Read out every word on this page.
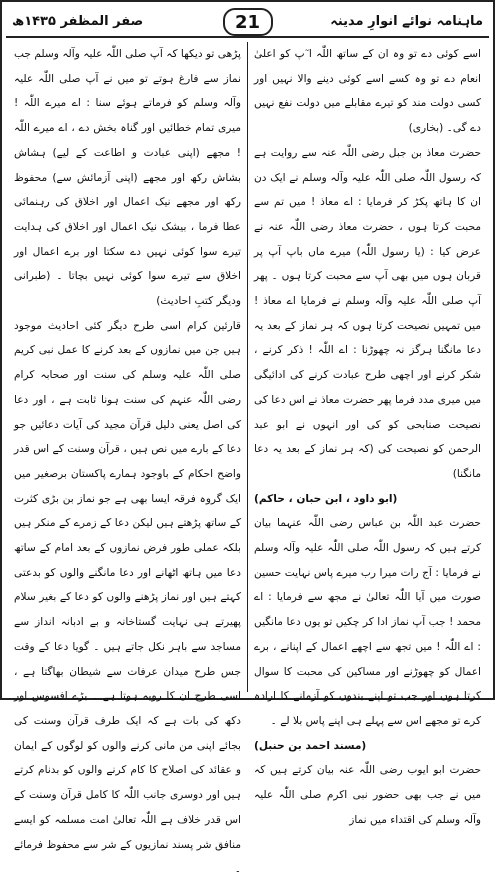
ماہنامہ نوائے انوارِ مدینہ
صفر المظفر ۱۴۳۵ھ	21

اسے کوئی دے تو وہ ان کے ساتھ اللّٰہ ا ٓپ کو اعلیٰ انعام دے تو وہ کسے اسے کوئی دینے والا نہیں اور کسی دولت مند کو تیرے مقابلے میں دولت نفع نہیں دے گی۔ (بخاری)

حضرت معاذ بن جبل رضی اللّٰہ عنہ سے روایت ہے کہ رسول اللّٰہ صلی اللّٰہ علیہ وآلہ وسلم نے ایک دن ان کا ہاتھ پکڑ کر فرمایا : اے معاذ ! میں تم سے محبت کرتا ہوں ، حضرت معاذ رضی اللّٰہ عنہ نے عرض کیا : (یا رسول اللّٰہ) میرے ماں باپ آپ پر قربان ہوں میں بھی آپ سے محبت کرتا ہوں ۔ پھر آپ صلی اللّٰہ علیہ وآلہ وسلم نے فرمایا اے معاذ ! میں تمہیں نصیحت کرتا ہوں کہ ہر نماز کے بعد یہ دعا مانگنا ہرگز نہ چھوڑنا : اے اللّٰہ ! ذکر کرنے ، شکر کرنے اور اچھی طرح عبادت کرنے کی ادائیگی میں میری مدد فرما پھر حضرت معاذ نے اس دعا کی نصیحت صنابحی کو کی اور انہوں نے ابو عبد الرحمن کو نصیحت کی (کہ ہر نماز کے بعد یہ دعا مانگنا)

(ابو داود ، ابن حبان ، حاکم)

حضرت عبد اللّٰہ بن عباس رضی اللّٰہ عنہما بیان کرتے ہیں کہ رسول اللّٰہ صلی اللّٰہ علیہ وآلہ وسلم نے فرمایا : آج رات میرا رب میرے پاس نہایت حسین صورت میں آیا اللّٰہ تعالیٰ نے مجھ سے فرمایا : اے محمد ! جب آپ نماز ادا کر چکیں تو یوں دعا مانگیں : اے اللّٰہ ! میں تجھ سے اچھے اعمال کے اپنانے ، برے اعمال کو چھوڑنے اور مساکین کی محبت کا سوال کرتا ہوں اور جب تو اپنے بندوں کو آزمانے کا ارادہ کرے تو مجھے اس سے پہلے ہی اپنے پاس بلا لے ۔

(مسند احمد بن حنبل)

حضرت ابو ایوب رضی اللّٰہ عنہ بیان کرتے ہیں کہ میں نے جب بھی حضور نبی اکرم صلی اللّٰہ علیہ وآلہ وسلم کی اقتداء میں نماز

پڑھی تو دیکھا کہ آپ صلی اللّٰہ علیہ وآلہ وسلم جب نماز سے فارغ ہوتے تو میں نے آپ صلی اللّٰہ علیہ وآلہ وسلم کو فرماتے ہوئے سنا : اے میرے اللّٰہ ! میری تمام خطائیں اور گناہ بخش دے ، اے میرے اللّٰہ ! مجھے (اپنی عبادت و اطاعت کے لیے) ہشاش بشاش رکھ اور مجھے (اپنی آزمائش سے) محفوظ رکھ اور مجھے نیک اعمال اور اخلاق کی رہنمائی عطا فرما ، بیشک نیک اعمال اور اخلاق کی ہدایت تیرے سوا کوئی نہیں دے سکتا اور برے اعمال اور اخلاق سے تیرے سوا کوئی نہیں بچاتا ۔ (طبرانی ودیگر کتبِ احادیث)

قارئین کرام اسی طرح دیگر کئی احادیث موجود ہیں جن میں نمازوں کے بعد کرنے کا عمل نبی کریم صلی اللّٰہ علیہ وسلم کی سنت اور صحابہ کرام رضی اللّٰہ عنہم کی سنت ہونا ثابت ہے ، اور دعا کی اصل یعنی دلیل قرآن مجید کی آیات دعائیں جو دعا کے بارے میں نص ہیں ، قرآن وسنت کے اس قدر واضح احکام کے باوجود ہمارے پاکستان برصغیر میں ایک گروہ فرقہ ایسا بھی ہے جو نماز بن بڑی کثرت کے ساتھ پڑھتے ہیں لیکن دعا کے زمرے کے منکر ہیں بلکہ عملی طور فرض نمازوں کے بعد امام کے ساتھ دعا میں ہاتھ اٹھانے اور دعا مانگنے والوں کو بدعتی کہتے ہیں اور نماز پڑھنے والوں کو دعا کے بغیر سلام پھیرتے ہی نہایت گستاخانہ و بے ادبانہ انداز سے مساجد سے باہر نکل جاتے ہیں ۔ گویا دعا کے وقت جس طرح میدان عرفات سے شیطان بھاگتا ہے ، اسی طرح ان کا رویہ ہوتا ہے ۔ بڑے افسوس اور دکھ کی بات ہے کہ ایک طرف قرآن وسنت کی بجائے اپنی من مانی کرنے والوں کو لوگوں کے ایمان و عقائد کی اصلاح کا کام کرنے والوں کو بدنام کرتے ہیں اور دوسری جانب اللّٰہ کا کامل قرآن وسنت کے اس قدر خلاف ہے اللّٰہ تعالیٰ امت مسلمہ کو ایسے منافق شر پسند نمازیوں کے شر سے محفوظ فرمائے ۔
